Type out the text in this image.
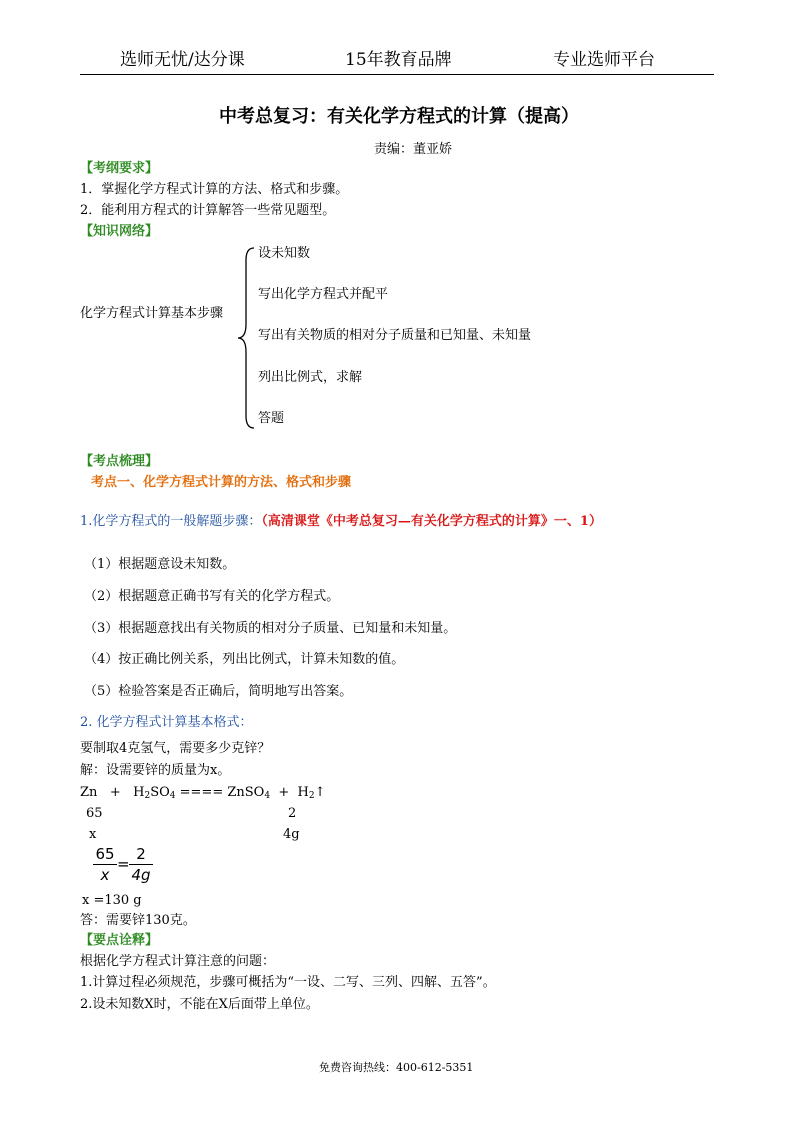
选师无忧/达分课	15年教育品牌	专业选师平台
中考总复习：有关化学方程式的计算（提高）
责编：董亚娇
【考纲要求】
1．掌握化学方程式计算的方法、格式和步骤。
2．能利用方程式的计算解答一些常见题型。
【知识网络】
化学方程式计算基本步骤
设未知数
写出化学方程式并配平
写出有关物质的相对分子质量和已知量、未知量
列出比例式，求解
答题
【考点梳理】
考点一、化学方程式计算的方法、格式和步骤
1.化学方程式的一般解题步骤：（高清课堂《中考总复习—有关化学方程式的计算》一、1）
（1）根据题意设未知数。
（2）根据题意正确书写有关的化学方程式。
（3）根据题意找出有关物质的相对分子质量、已知量和未知量。
（4）按正确比例关系，列出比例式，计算未知数的值。
（5）检验答案是否正确后，简明地写出答案。
2. 化学方程式计算基本格式：
要制取4克氢气，需要多少克锌？
解：设需要锌的质量为x。
$Zn + H_2SO_4$ ==== ZnSO$_4$ + $H_2↑$
65	2
x	4g
65
x
=
2
4g
x =130 g
答：需要锌130克。
【要点诠释】
根据化学方程式计算注意的问题：
1.计算过程必须规范，步骤可概括为“一设、二写、三列、四解、五答”。
2.设未知数X时，不能在X后面带上单位。
免费咨询热线：400-612-5351
